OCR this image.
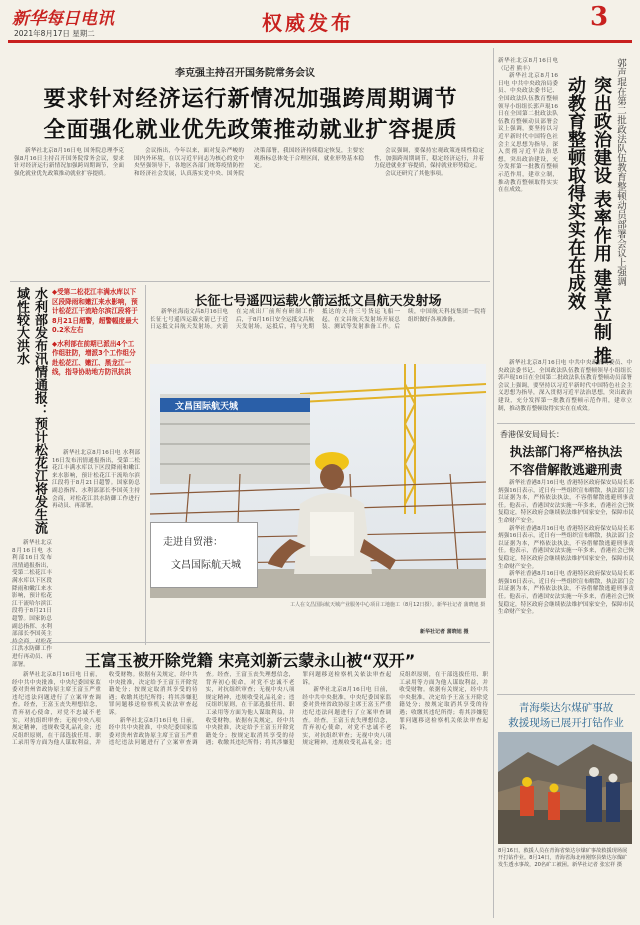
新华每日电讯
2021年8月17日 星期二	权威发布	3
李克强主持召开国务院常务会议
要求针对经济运行新情况加强跨周期调节
全面强化就业优先政策推动就业扩容提质

新华社北京8月16日电 国务院总理李克强8月16日主持召开国务院常务会议，要求针对经济运行新情况加强跨周期调节，全面强化就业优先政策推动就业扩容提质。

会议指出，今年以来，面对复杂严峻的国内外环境，在以习近平同志为核心的党中央坚强领导下，各地区各部门统筹疫情防控和经济社会发展，认真落实党中央、国务院决策部署，我国经济持续稳定恢复，主要宏观指标总体处于合理区间，就业形势基本稳定。

会议强调，要保持宏观政策连续性稳定性，加强跨周期调节，稳定经济运行，并着力促进就业扩容提质，保持就业形势稳定。

会议还研究了其他事项。

水利部发布汛情通报：预计松花江将发生流域性较大洪水	◆受第二松花江丰满水库以下区段降雨和嫩江来水影响，预计松花江干流哈尔滨江段将于8月21日超警，超警幅度最大0.2米左右
◆水利部在前期已派出4个工作组驻防，增派3个工作组分赴松花江、嫩江、黑龙江一线，指导协助地方防汛抗洪

新华社北京8月16日电 水利部16日发布汛情通报指出，受第二松花江丰满水库以下区段降雨和嫩江来水影响，预计松花江干流哈尔滨江段将于8月21日超警。国家防总副总指挥、水利部部长李国英主持会商，对松花江洪水防御工作进行再动员、再部署。

新华社北京8月16日电 水利部16日发布汛情通报指出，受第二松花江丰满水库以下区段降雨和嫩江来水影响，预计松花江干流哈尔滨江段将于8月21日超警。国家防总副总指挥、水利部部长李国英主 江洪水防御工作进行再动员、再部署。

长征七号遥四运载火箭运抵文昌航天发射场

新华社海南文昌8月16日电 长征七号遥四运载火箭已于近日运抵文昌航天发射场。火箭在完成出厂前所有研制工作后，于8月16日安全运抵文昌航天发射场。运抵后，将与先期抵达的天舟三号货运飞船一起，在文昌航天发射场开展总装、测试等发射准备工作。后续，中国航天科技集团一院将组织做好各项准备。

文昌国际航天城
走进自贸港：
文昌国际航天城
工人在文昌国际航天城产业服务中心项目工地施工（8月12日摄）。新华社记者 蒲晓旭 摄
新华社记者 蒲晓旭 摄
王富玉被开除党籍 宋亮刘新云蒙永山被“双开”

新华社北京8月16日电 日前，经中共中央批准，中央纪委国家监委对贵州省政协原主席王富玉严重违纪违法问题进行了立案审查调查。经查，王富玉丧失理想信念，背弃初心使命，对党不忠诚不老实，对抗组织审查；无视中央八项规定精神，违规收受礼品礼金；违反组织原则，在干部选拔任用、职工录用等方面为他人谋取利益，并收受财物。依据有关规定，经中共中央批准，决定给予王富玉开除党籍处分；按规定取消其享受的待遇；收缴其违纪所得；将其涉嫌犯罪问题移送检察机关依法审查起诉。

新华社北京8月16日电 日前，经中共中央批准，中央纪委国家监委对贵州省政协原主席王富玉严重违纪违法问题进行了立案审查调查。经查，王富玉丧失理想信念，背弃初心使命，对党不忠诚不老实，对抗组织审查；无视中央八项规定精神，违规收受礼品礼金；违反组织原则，在干部选拔任用、职工录用等方面为他人谋取利益，并收受财物。依据有关规定，经中共中央批准，决定给予王富玉开除党籍处分；按规定取消其享受的待遇；收缴其违纪所得；将其涉嫌犯罪问题移送检察机关依法审查起诉。

新华社北京8月16日电 日前，经中共中央批准，中央纪委国家监委对贵州省政协原主席王富玉严重违纪违法问题进行了立案审查调查。经查，王富玉丧失理想信念，背弃初心使命，对党不忠诚不老实，对抗组织审查；无视中央八项规定精神，违规收受礼品礼金；违反组织原则，在干部选拔任用、职工录用等方面为他人谋取利益，并收受财物。依据有关规定，经中共中央批准，决定给予王富玉开除党籍处分；按规定取消其享受的待遇；收缴其违纪所得；将其涉嫌犯罪问题移送检察机关依法审查起诉。

新华社北京8月16日电（记者 熊丰）

新华社北京8月16日电 中共中央政治局委员、中央政法委书记、全国政法队伍教育整顿领导小组组长郭声琨16日在全国第二批政法队伍教育整顿动员部署会议上强调，要坚持以习近平新时代中国特色社会主义思想为指导，深入贯彻习近平法治思想，突出政治建设，充分发挥第一批教育整顿示范作用，建章立制，推动教育整顿取得实实在在成效。	郭声琨在第二批政法队伍教育整顿动员部署会议上强调
突出政治建设 表率作用 建章立制 推动教育整顿取得实实在在成效

新华社北京8月16日电 中共中央政治局委员、中央政法委书记、全国政法队伍教育整顿领导小组组长郭声琨16日在全国第二批政法队伍教育整顿动员部署会议上强调，要坚持以习近平新时代中国特色社会主义思想为指导，深入贯彻习近平法治思想，突出政治建设，充分发挥第一批教育整顿示范作用，建章立制，推动教育整顿取得实实在在成效。

香港保安局局长：
执法部门将严格执法
不容借解散逃避刑责

新华社香港8月16日电 香港特区政府保安局局长邓炳强16日表示，近日有一些组织宣布解散，执法部门会以证据为本，严格依法执法，不容借解散逃避刑事责任。他表示，香港国安法实施一年多来，香港社会已恢复稳定，特区政府会继续依法维护国家安全，保障市民生命财产安全。

新华社香港8月16日电 香港特区政府保安局局长邓炳强16日表示，近日有一些组织宣布解散，执法部门会以证据为本，严格依法执法，不容借解散逃避刑事责任。他表示，香港国安法实施一年多来，香港社会已恢复稳定，特区政府会继续依法维护国家安全，保障市民生命财产安全。

新华社香港8月16日电 香港特区政府保安局局长邓炳强16日表示，近日有一些组织宣布解散，执法部门会以证据为本，严格依法执法，不容借解散逃避刑事责任。他表示，香港国安法实施一年多来，香港社会已恢复稳定，特区政府会继续依法维护国家安全，保障市民生命财产安全。

青海柴达尔煤矿事故
救援现场已展开打钻作业
8月16日，救援人员在青海省柴达尔煤矿事故救援现场展开打钻作业。8月14日，青海省海北州刚察县柴达尔煤矿发生透水事故，20名矿工被困。新华社记者 张宏祥 摄
